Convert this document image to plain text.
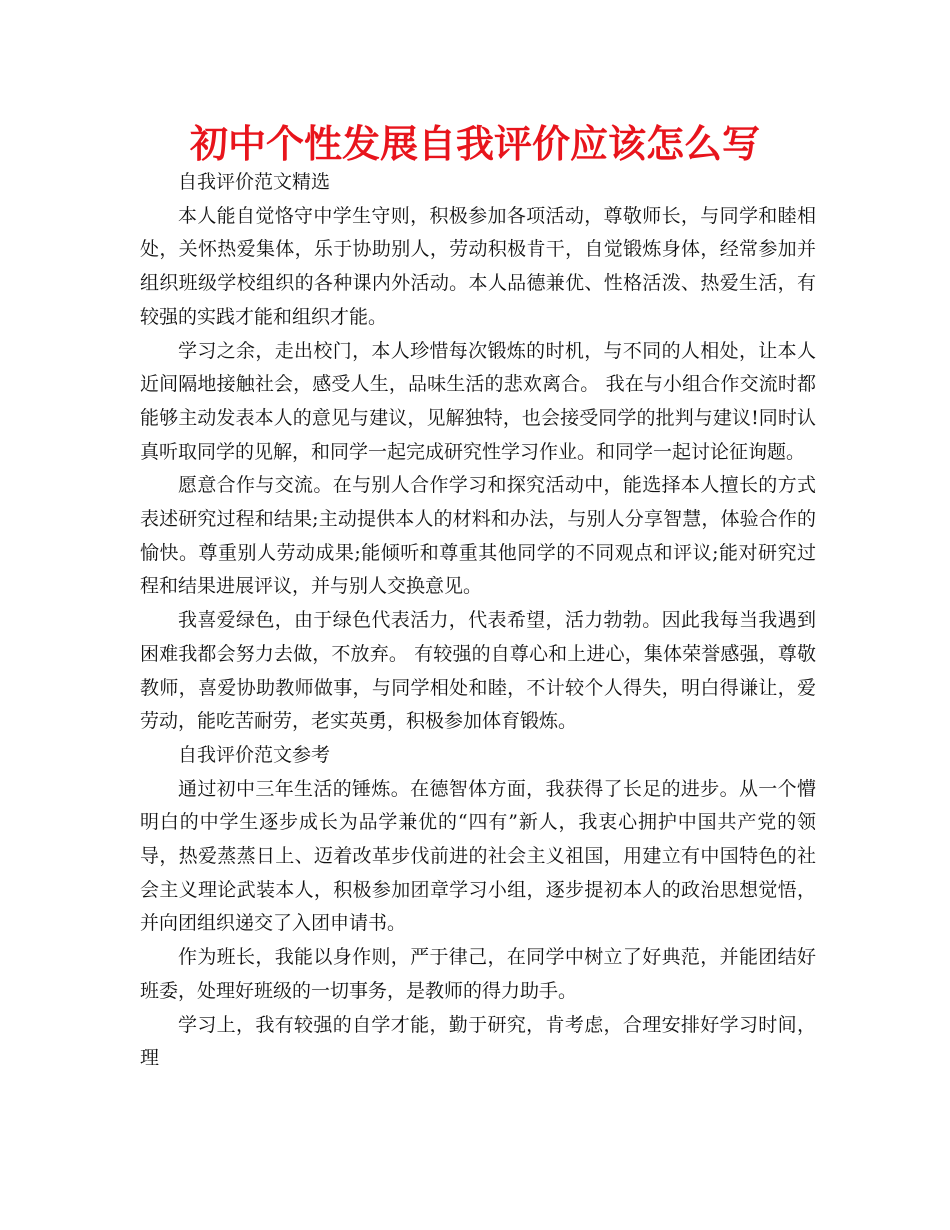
初中个性发展自我评价应该怎么写

自我评价范文精选

本人能自觉恪守中学生守则，积极参加各项活动，尊敬师长，与同学和睦相处，关怀热爱集体，乐于协助别人，劳动积极肯干，自觉锻炼身体，经常参加并组织班级学校组织的各种课内外活动。本人品德兼优、性格活泼、热爱生活，有较强的实践才能和组织才能。

学习之余，走出校门，本人珍惜每次锻炼的时机，与不同的人相处，让本人近间隔地接触社会，感受人生，品味生活的悲欢离合。 我在与小组合作交流时都能够主动发表本人的意见与建议，见解独特，也会接受同学的批判与建议!同时认真听取同学的见解，和同学一起完成研究性学习作业。和同学一起讨论征询题。

愿意合作与交流。在与别人合作学习和探究活动中，能选择本人擅长的方式表述研究过程和结果;主动提供本人的材料和办法，与别人分享智慧，体验合作的愉快。尊重别人劳动成果;能倾听和尊重其他同学的不同观点和评议;能对研究过程和结果进展评议，并与别人交换意见。

我喜爱绿色，由于绿色代表活力，代表希望，活力勃勃。因此我每当我遇到困难我都会努力去做，不放弃。 有较强的自尊心和上进心，集体荣誉感强，尊敬教师，喜爱协助教师做事，与同学相处和睦，不计较个人得失，明白得谦让，爱劳动，能吃苦耐劳，老实英勇，积极参加体育锻炼。

自我评价范文参考

通过初中三年生活的锤炼。在德智体方面，我获得了长足的进步。从一个懵明白的中学生逐步成长为品学兼优的“四有”新人，我衷心拥护中国共产党的领导，热爱蒸蒸日上、迈着改革步伐前进的社会主义祖国，用建立有中国特色的社会主义理论武装本人，积极参加团章学习小组，逐步提初本人的政治思想觉悟，并向团组织递交了入团申请书。

作为班长，我能以身作则，严于律己，在同学中树立了好典范，并能团结好班委，处理好班级的一切事务，是教师的得力助手。

学习上，我有较强的自学才能，勤于研究，肯考虑，合理安排好学习时间，理
